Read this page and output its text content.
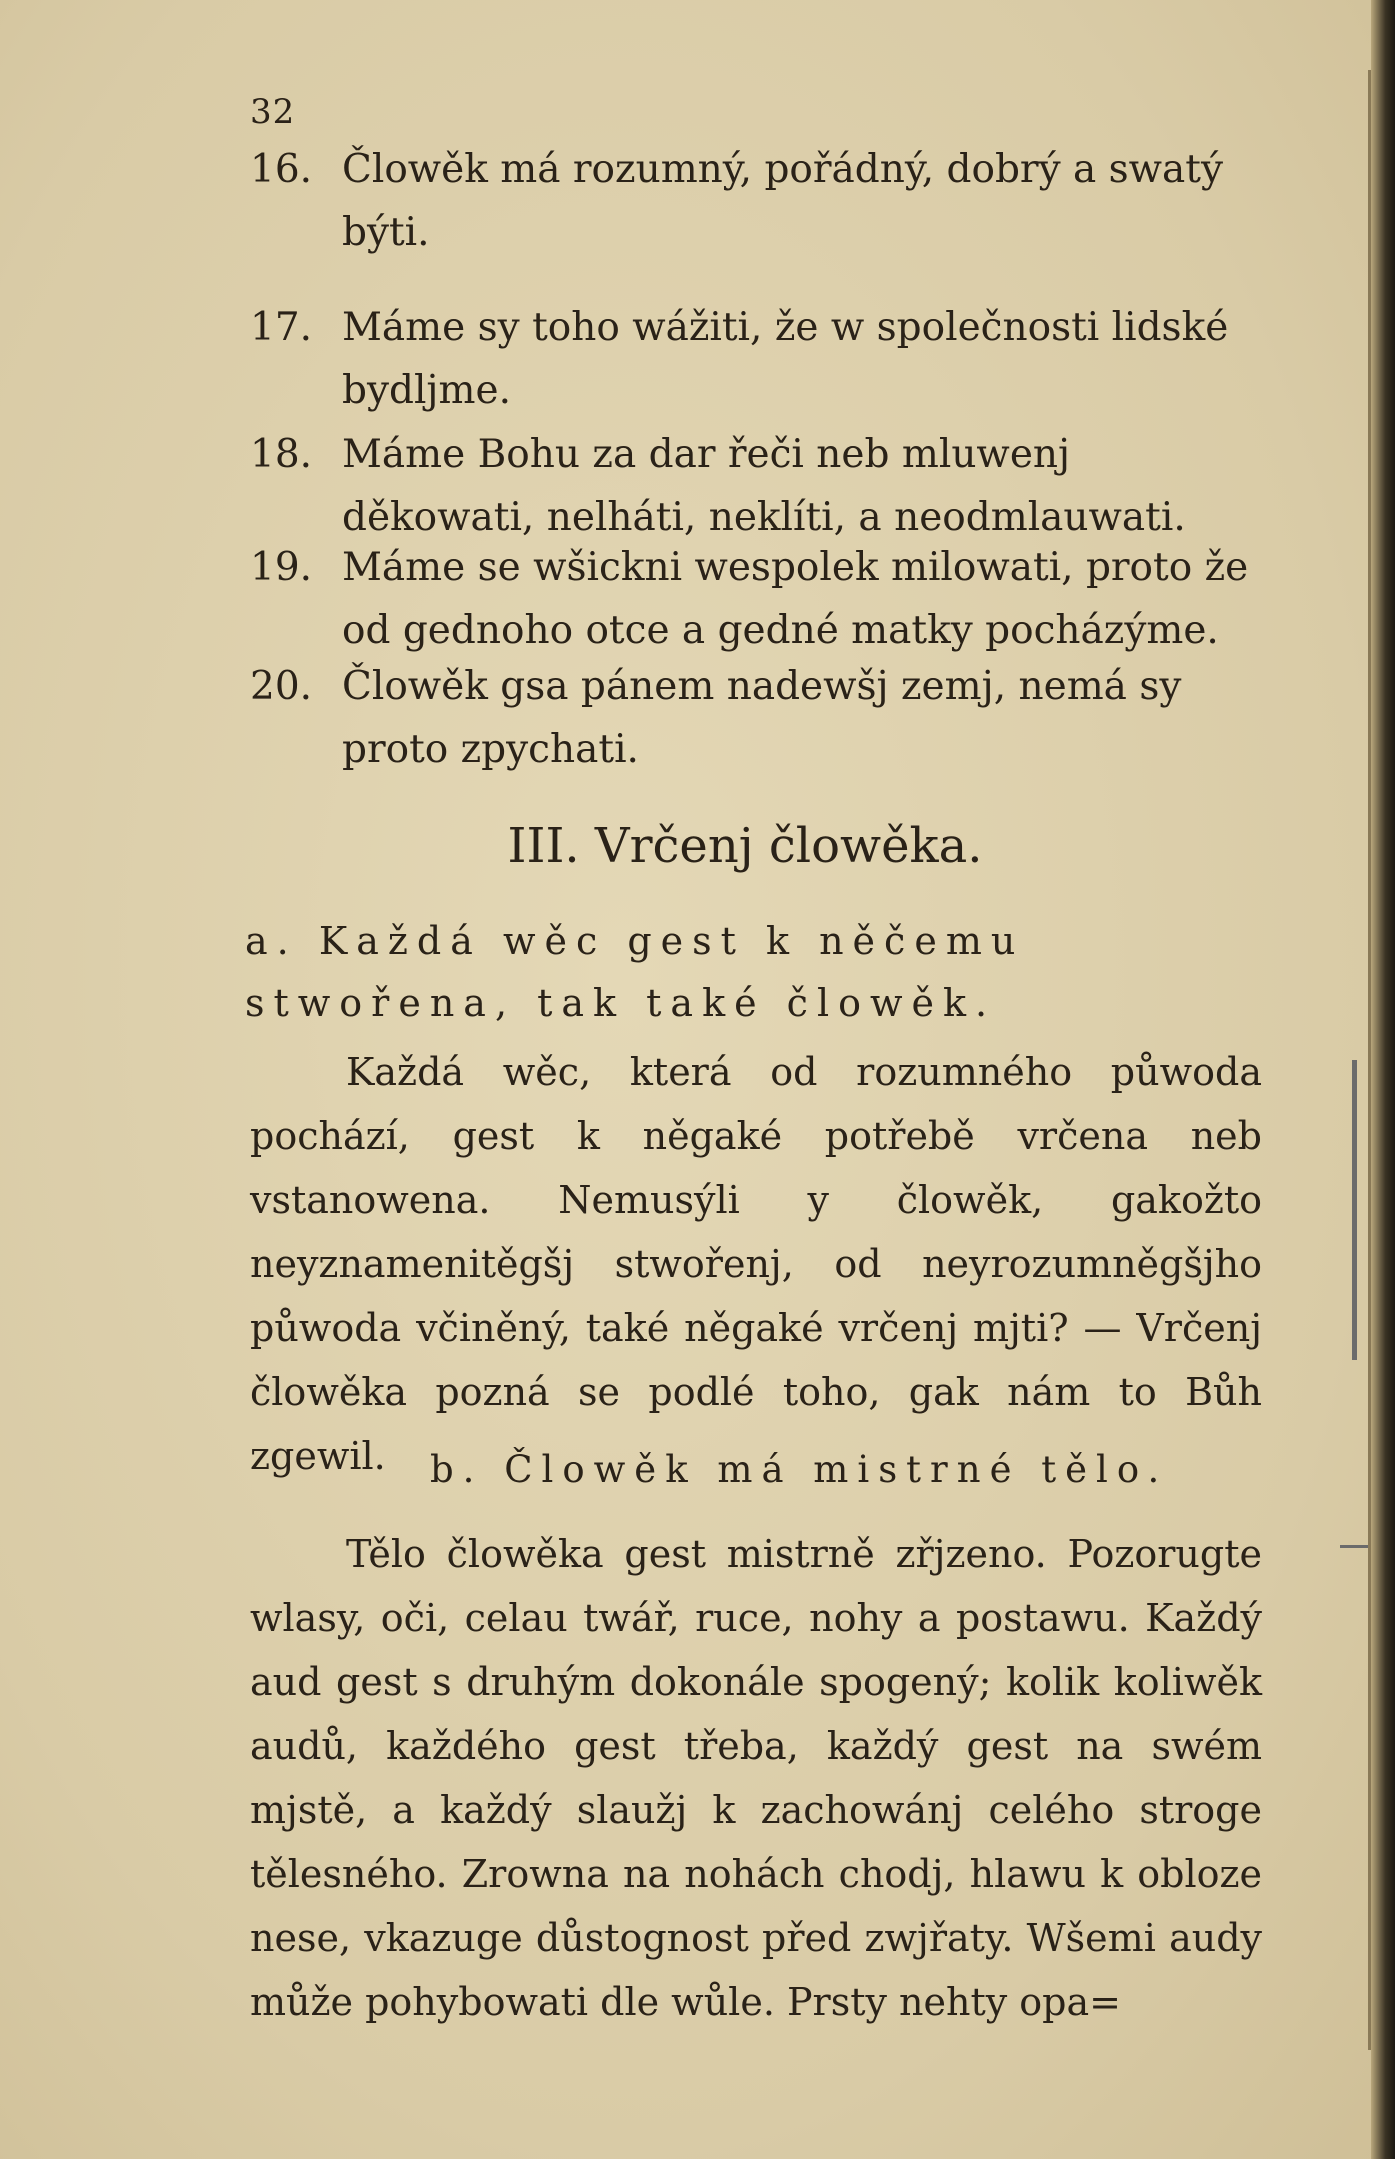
32
16. Člowěk má rozumný, pořádný, dobrý a swatý býti.
17. Máme sy toho wážiti, že w společnosti lidské bydljme.
18. Máme Bohu za dar řeči neb mluwenj děkowati, nelháti, neklíti, a neodmlauwati.
19. Máme se wšickni wespolek milowati, proto že od gednoho otce a gedné matky pocházýme.
20. Člowěk gsa pánem nadewšj zemj, nemá sy proto zpychati.
III. Vrčenj člowěka.
a. Každá wěc gest k něčemu stwořena, tak také člowěk.
Každá wěc, která od rozumného půwoda pochází, gest k něgaké potřebě vrčena neb vstanowena. Nemusýli y člowěk, gakožto neyznamenitěgšj stwořenj, od neyrozumněgšjho půwoda včiněný, také něgaké vrčenj mjti? — Vrčenj člowěka pozná se podlé toho, gak nám to Bůh zgewil.	b. Člowěk má mistrné tělo.
Tělo člowěka gest mistrně zřjzeno. Pozorugte wlasy, oči, celau twář, ruce, nohy a postawu. Každý aud gest s druhým dokonále spogený; kolik koliwěk audů, každého gest třeba, každý gest na swém mjstě, a každý slaužj k zachowánj celého stroge tělesného. Zrowna na nohách chodj, hlawu k obloze nese, vkazuge důstognost před zwjřaty. Wšemi audy může pohybowati dle wůle. Prsty nehty opa=
